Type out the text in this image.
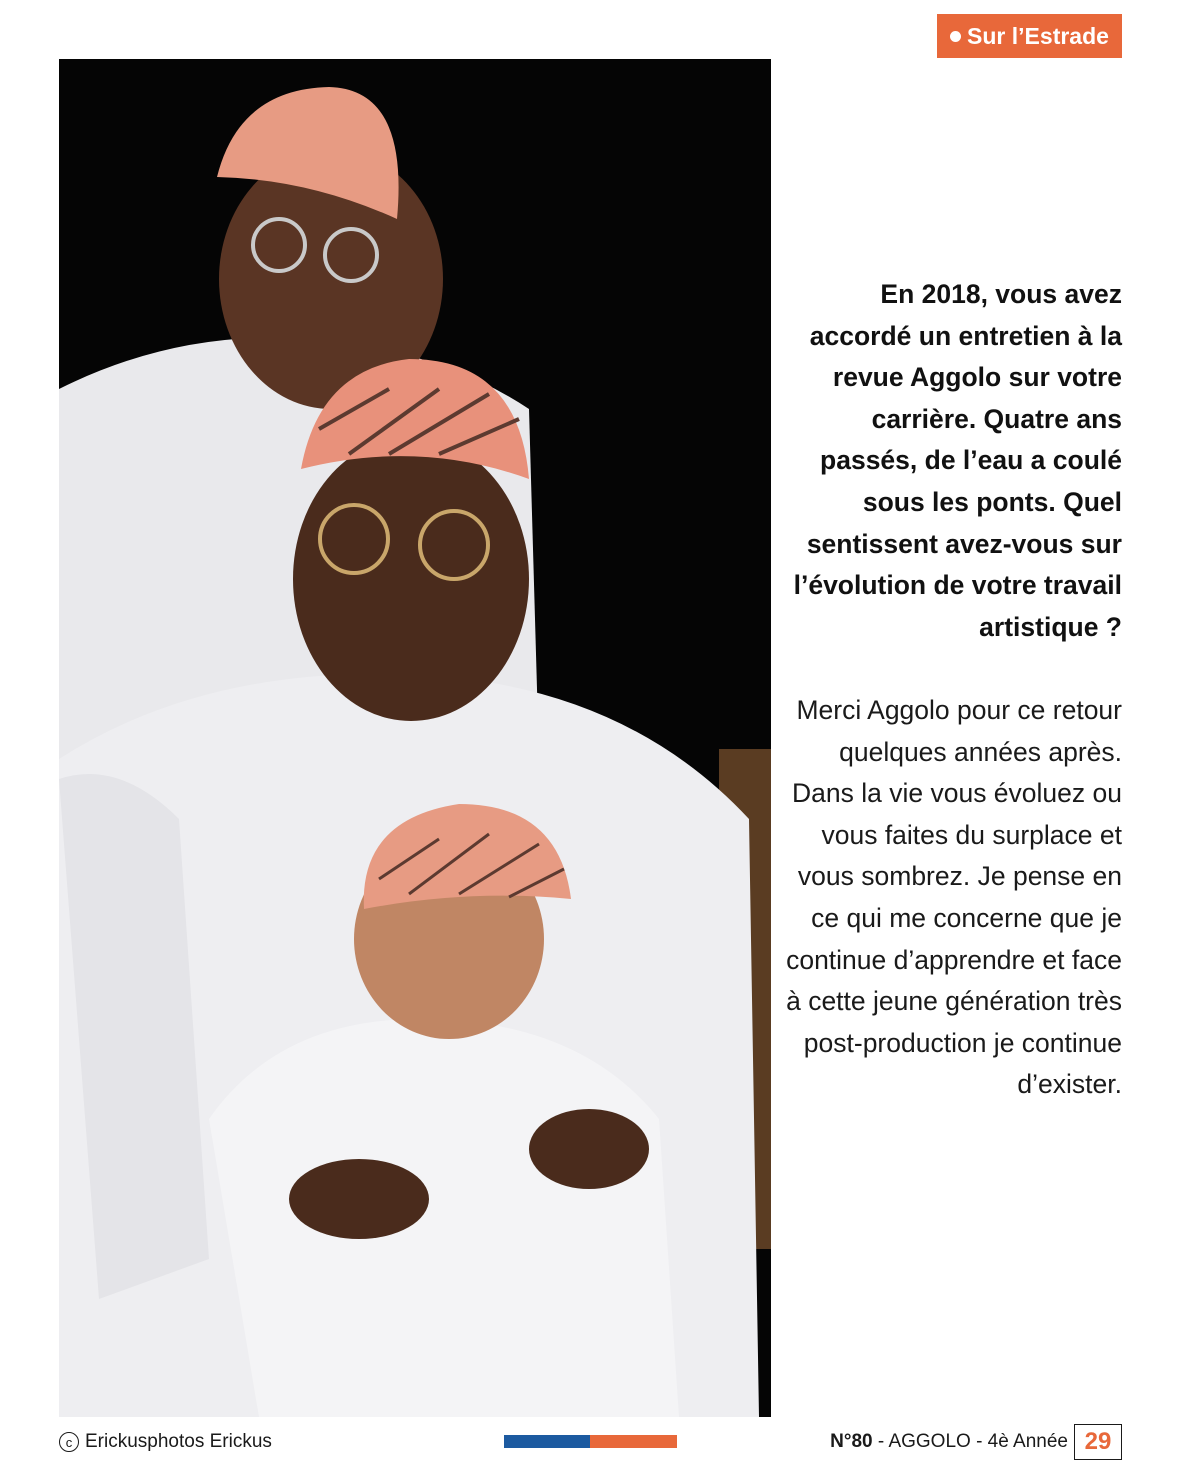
Sur l’Estrade

En 2018, vous avez accordé un entretien à la revue Aggolo sur votre carrière. Quatre ans passés, de l’eau a coulé sous les ponts. Quel sentissent avez-vous sur l’évolution de votre travail artistique ?

Merci Aggolo pour ce retour quelques années après. Dans la vie vous évoluez ou vous faites du surplace et vous sombrez. Je pense en ce qui me concerne que je continue d’apprendre et face à cette jeune génération très post-production je continue d’exister.

c Erickusphotos Erickus	N°80 - AGGOLO - 4è Année 29
